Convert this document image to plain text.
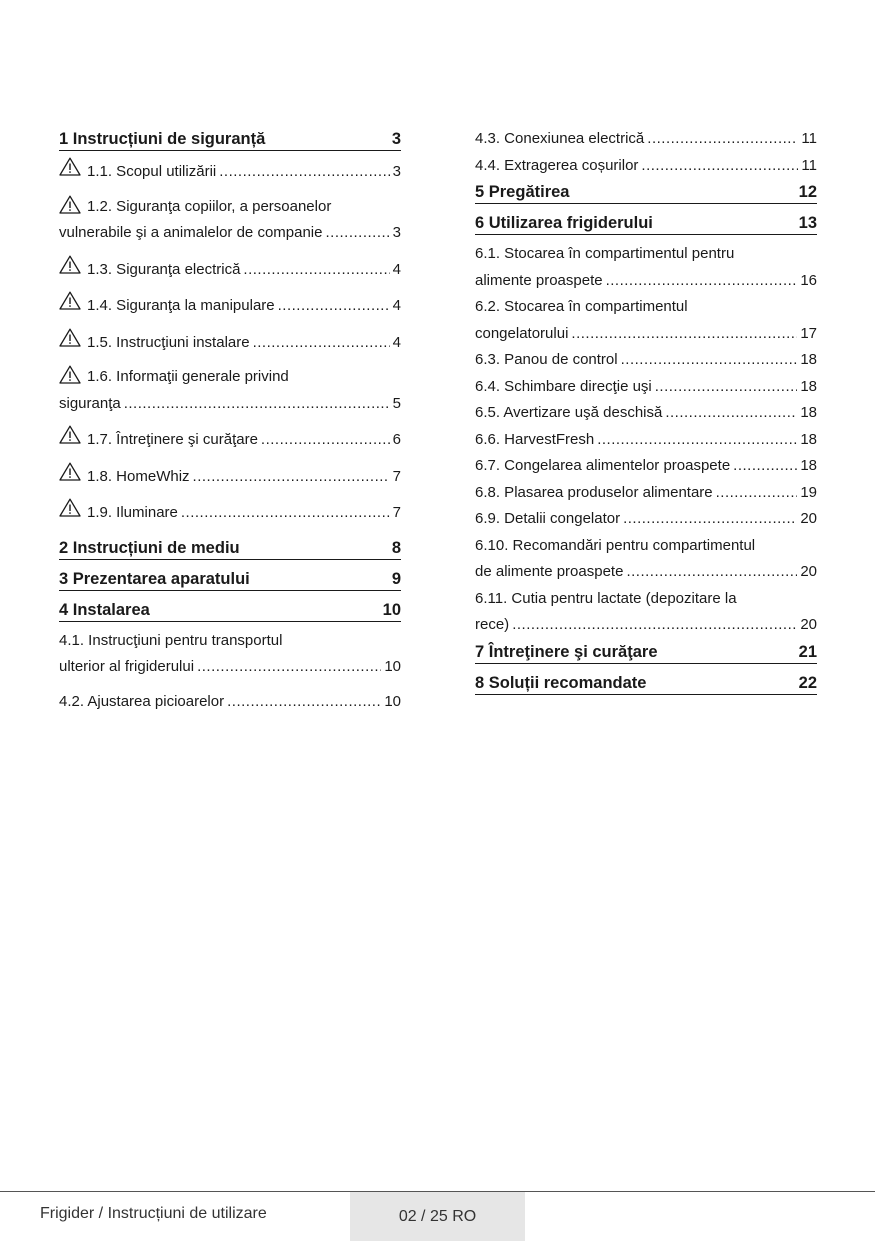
1 Instrucțiuni de siguranță	3
1.1. Scopul utilizării .....	3
1.2. Siguranţa copiilor, a persoanelor
vulnerabile şi a animalelor de companie .....	3
1.3. Siguranţa electrică .....	4
1.4. Siguranţa la manipulare .....	4
1.5. Instrucţiuni instalare .....	4
1.6. Informaţii generale privind
siguranţa .....	5
1.7. Întreţinere şi curăţare .....	6
1.8. HomeWhiz .....	7
1.9. Iluminare .....	7
2 Instrucțiuni de mediu	8
3 Prezentarea aparatului	9
4 Instalarea	10
4.1. Instrucţiuni pentru transportul
ulterior al frigiderului .....	10
4.2. Ajustarea picioarelor .....	10
4.3. Conexiunea electrică .....	11
4.4. Extragerea coșurilor .....	11
5 Pregătirea	12
6 Utilizarea frigiderului	13
6.1. Stocarea în compartimentul pentru
alimente proaspete .....	16
6.2. Stocarea în compartimentul
congelatorului .....	17
6.3. Panou de control .....	18
6.4. Schimbare direcţie uşi .....	18
6.5. Avertizare uşă deschisă .....	18
6.6. HarvestFresh .....	18
6.7. Congelarea alimentelor proaspete .....	18
6.8. Plasarea produselor alimentare .....	19
6.9. Detalii congelator .....	20
6.10. Recomandări pentru compartimentul
de alimente proaspete .....	20
6.11. Cutia pentru lactate (depozitare la
rece) .....	20
7 Întreţinere şi curăţare	21
8 Soluții recomandate	22
Frigider / Instrucțiuni de utilizare	02 / 25 RO
